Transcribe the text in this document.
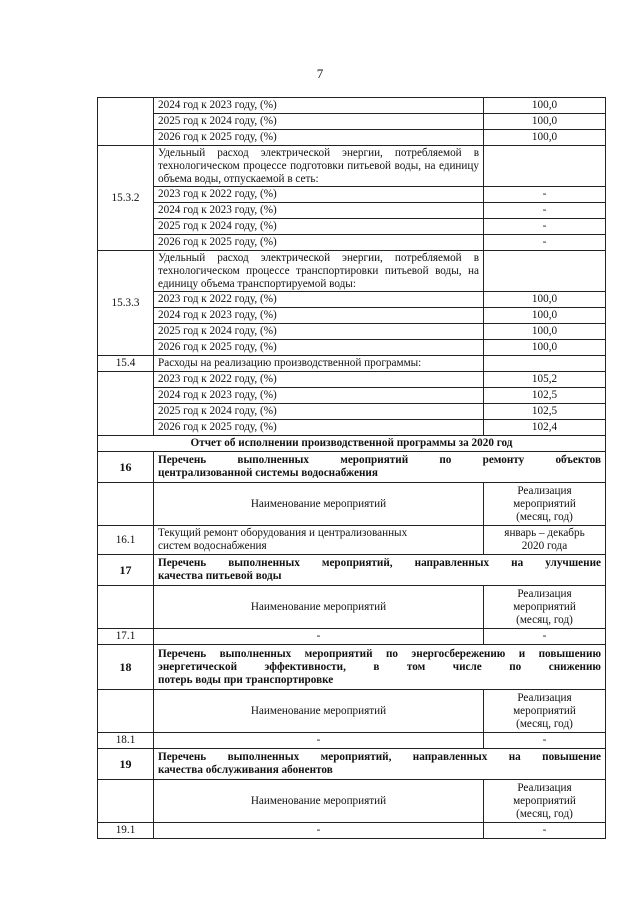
7
	2024 год к 2023 году, (%)	100,0
	2025 год к 2024 году, (%)	100,0
	2026 год к 2025 году, (%)	100,0
15.3.2	Удельный расход электрической энергии, потребляемой в технологическом процессе подготовки питьевой воды, на единицу объема воды, отпускаемой в сеть:	
	2023 год к 2022 году, (%)	-
	2024 год к 2023 году, (%)	-
	2025 год к 2024 году, (%)	-
	2026 год к 2025 году, (%)	-
15.3.3	Удельный расход электрической энергии, потребляемой в технологическом процессе транспортировки питьевой воды, на единицу объема транспортируемой воды:	
	2023 год к 2022 году, (%)	100,0
	2024 год к 2023 году, (%)	100,0
	2025 год к 2024 году, (%)	100,0
	2026 год к 2025 году, (%)	100,0
15.4	Расходы на реализацию производственной программы:	
	2023 год к 2022 году, (%)	105,2
	2024 год к 2023 году, (%)	102,5
	2025 год к 2024 году, (%)	102,5
	2026 год к 2025 году, (%)	102,4
Отчет об исполнении производственной программы за 2020 год		
16	Перечень выполненных мероприятий по ремонту объектов
централизованной системы водоснабжения	

	Наименование мероприятий	Реализация
мероприятий
(месяц, год)
16.1	Текущий ремонт оборудования и централизованных
систем водоснабжения	январь – декабрь
2020 года
17	Перечень выполненных мероприятий, направленных на улучшение
качества питьевой воды	

	Наименование мероприятий	Реализация
мероприятий
(месяц, год)
17.1	-	-
18	Перечень выполненных мероприятий по энергосбережению и повышению энергетической эффективности, в том числе по снижению
потерь воды при транспортировке	

	Наименование мероприятий	Реализация
мероприятий
(месяц, год)
18.1	-	-
19	Перечень выполненных мероприятий, направленных на повышение
качества обслуживания абонентов	

	Наименование мероприятий	Реализация
мероприятий
(месяц, год)
19.1	-	-
